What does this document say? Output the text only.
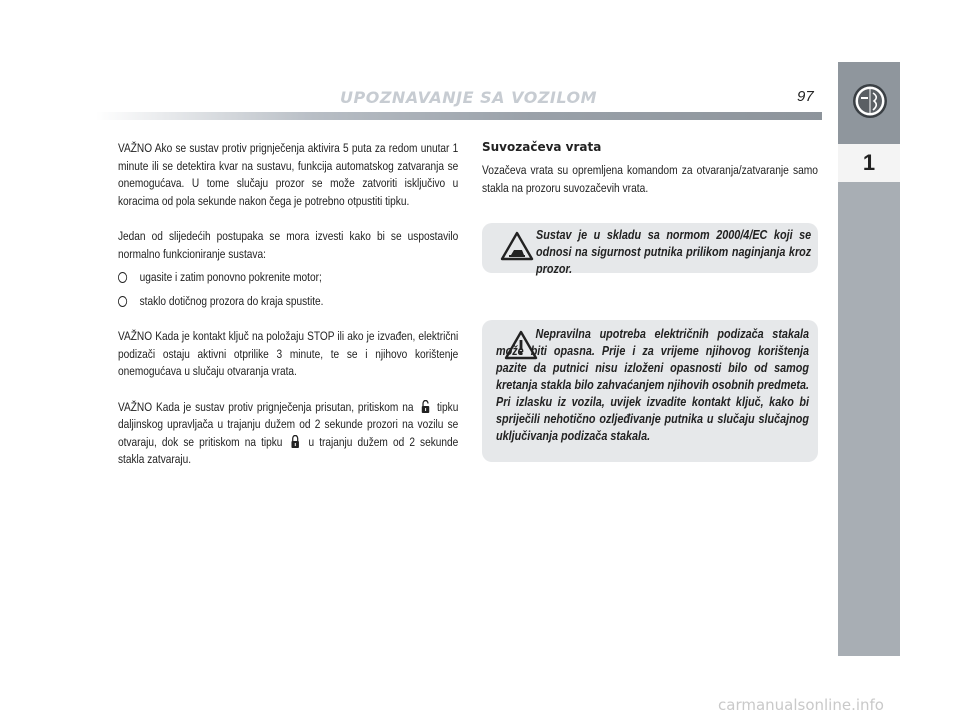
UPOZNAVANJE SA VOZILOM	97
1

VAŽNO Ako se sustav protiv prignječenja aktivira 5 puta za redom unutar 1 minute ili se detektira kvar na sustavu, funkcija automatskog zatvaranja se onemogućava. U tome slučaju prozor se može zatvoriti isključivo u koracima od pola sekunde nakon čega je potrebno otpustiti tipku.

Jedan od slijedećih postupaka se mora izvesti kako bi se uspostavilo normalno funkcioniranje sustava:

ugasite i zatim ponovno pokrenite motor;
staklo dotičnog prozora do kraja spustite.

VAŽNO Kada je kontakt ključ na položaju STOP ili ako je izvađen, električni podizači ostaju aktivni otprilike 3 minute, te se i njihovo korištenje onemogućava u slučaju otvaranja vrata.

VAŽNO Kada je sustav protiv prignječenja prisutan, pritiskom na tipku daljinskog upravljača u trajanju dužem od 2 sekunde prozori na vozilu se otvaraju, dok se pritiskom na tipku u trajanju dužem od 2 sekunde stakla zatvaraju.

Suvozačeva vrata

Vozačeva vrata su opremljena komandom za otvaranja/zatvaranje samo stakla na prozoru suvozačevih vrata.

Sustav je u skladu sa normom 2000/4/EC koji se odnosi na sigurnost putnika prilikom naginjanja kroz prozor.
Nepravilna upotreba električnih podizača stakala može biti opasna. Prije i za vrijeme njihovog korištenja pazite da putnici nisu izloženi opasnosti bilo od samog kretanja stakla bilo zahvaćanjem njihovih osobnih predmeta. Pri izlasku iz vozila, uvijek izvadite kontakt ključ, kako bi spriječili nehotično ozljeđivanje putnika u slučaju slučajnog uključivanja podizača stakala.
carmanualsonline.info
